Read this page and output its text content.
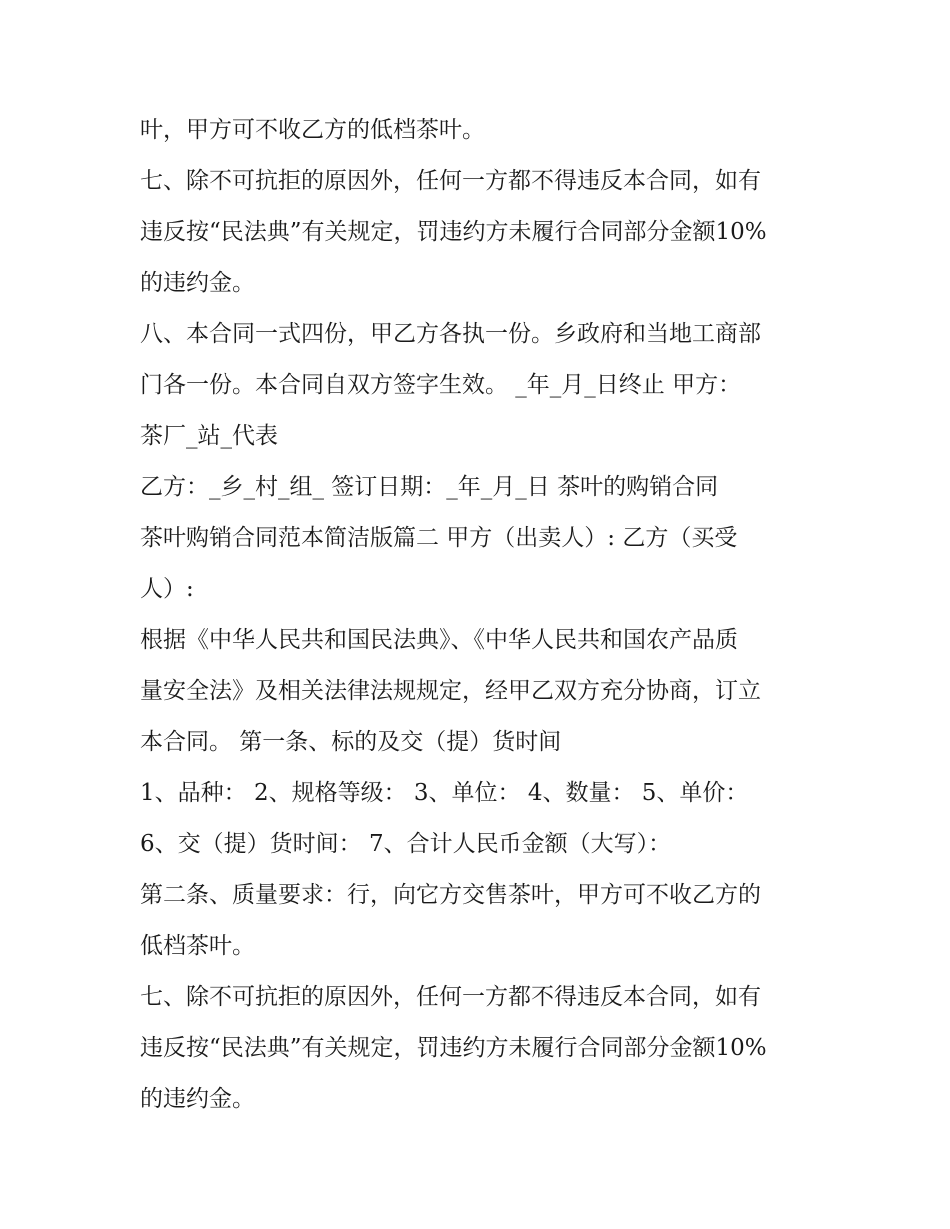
叶，甲方可不收乙方的低档茶叶。
七、除不可抗拒的原因外，任何一方都不得违反本合同，如有
违反按“民法典”有关规定，罚违约方未履行合同部分金额10%
的违约金。
八、本合同一式四份，甲乙方各执一份。乡政府和当地工商部
门各一份。本合同自双方签字生效。 _年_月_日终止 甲方：
茶厂_站_代表
乙方：_乡_村_组_ 签订日期：_年_月_日 茶叶的购销合同
茶叶购销合同范本简洁版篇二 甲方（出卖人）: 乙方（买受
人）:
根据《中华人民共和国民法典》、《中华人民共和国农产品质
量安全法》及相关法律法规规定，经甲乙双方充分协商，订立
本合同。 第一条、标的及交（提）货时间
1、品种： 2、规格等级： 3、单位： 4、数量： 5、单价：
6、交（提）货时间： 7、合计人民币金额（大写）：
第二条、质量要求：行，向它方交售茶叶，甲方可不收乙方的
低档茶叶。
七、除不可抗拒的原因外，任何一方都不得违反本合同，如有
违反按“民法典”有关规定，罚违约方未履行合同部分金额10%
的违约金。
